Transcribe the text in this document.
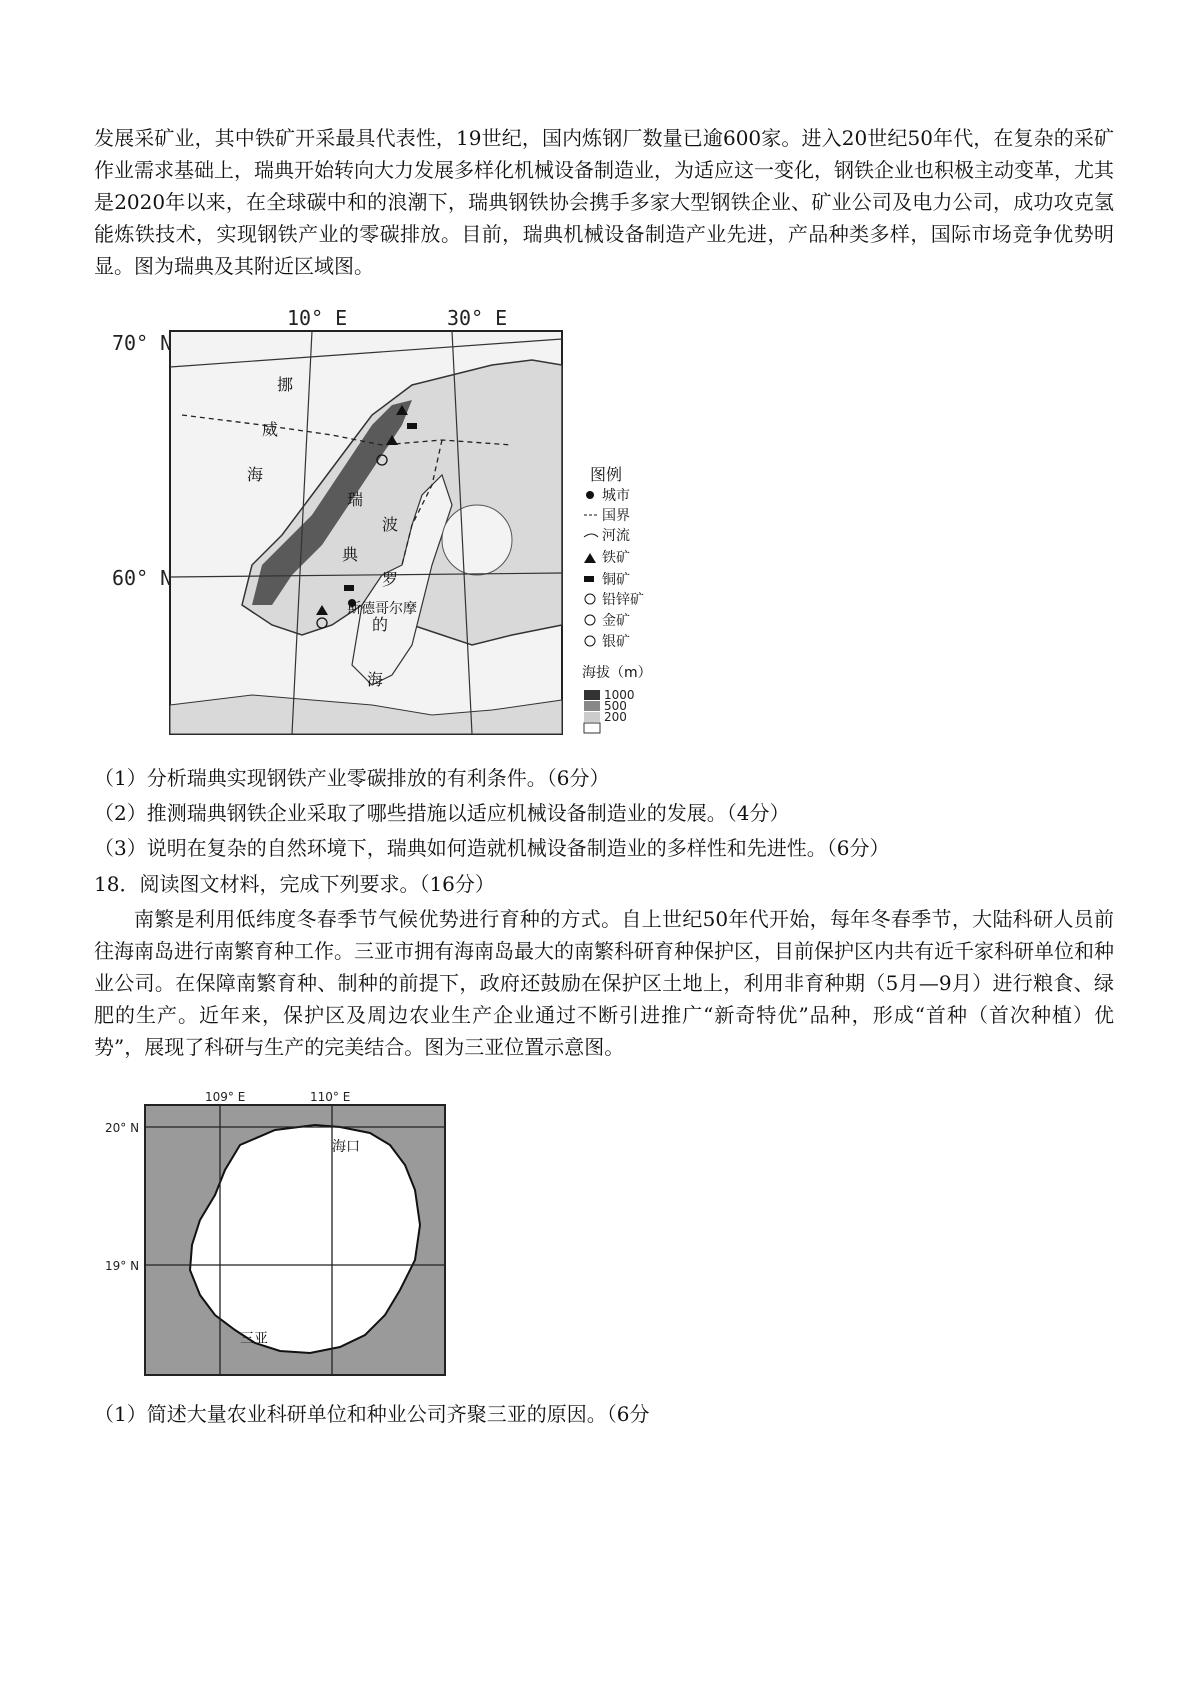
发展采矿业，其中铁矿开采最具代表性，19世纪，国内炼钢厂数量已逾600家。进入20世纪50年代，在复杂的采矿作业需求基础上，瑞典开始转向大力发展多样化机械设备制造业，为适应这一变化，钢铁企业也积极主动变革，尤其是2020年以来，在全球碳中和的浪潮下，瑞典钢铁协会携手多家大型钢铁企业、矿业公司及电力公司，成功攻克氢能炼铁技术，实现钢铁产业的零碳排放。目前，瑞典机械设备制造产业先进，产品种类多样，国际市场竞争优势明显。图为瑞典及其附近区域图。
70° N
60° N
10° E	30° E
挪
威
海
瑞
波
典
罗
的
海
斯德哥尔摩
图例
城市
国界
河流
铁矿
铜矿
铅锌矿
金矿
银矿
海拔（m）
1000
500
200
（1）分析瑞典实现钢铁产业零碳排放的有利条件。（6分）
（2）推测瑞典钢铁企业采取了哪些措施以适应机械设备制造业的发展。（4分）
（3）说明在复杂的自然环境下，瑞典如何造就机械设备制造业的多样性和先进性。（6分）
18．阅读图文材料，完成下列要求。（16分）
南繁是利用低纬度冬春季节气候优势进行育种的方式。自上世纪50年代开始，每年冬春季节，大陆科研人员前往海南岛进行南繁育种工作。三亚市拥有海南岛最大的南繁科研育种保护区，目前保护区内共有近千家科研单位和种业公司。在保障南繁育种、制种的前提下，政府还鼓励在保护区土地上，利用非育种期（5月—9月）进行粮食、绿肥的生产。近年来，保护区及周边农业生产企业通过不断引进推广“新奇特优”品种，形成“首种（首次种植）优势”，展现了科研与生产的完美结合。图为三亚位置示意图。
109° E	110° E
20° N
19° N
海口
三亚
（1）简述大量农业科研单位和种业公司齐聚三亚的原因。（6分
